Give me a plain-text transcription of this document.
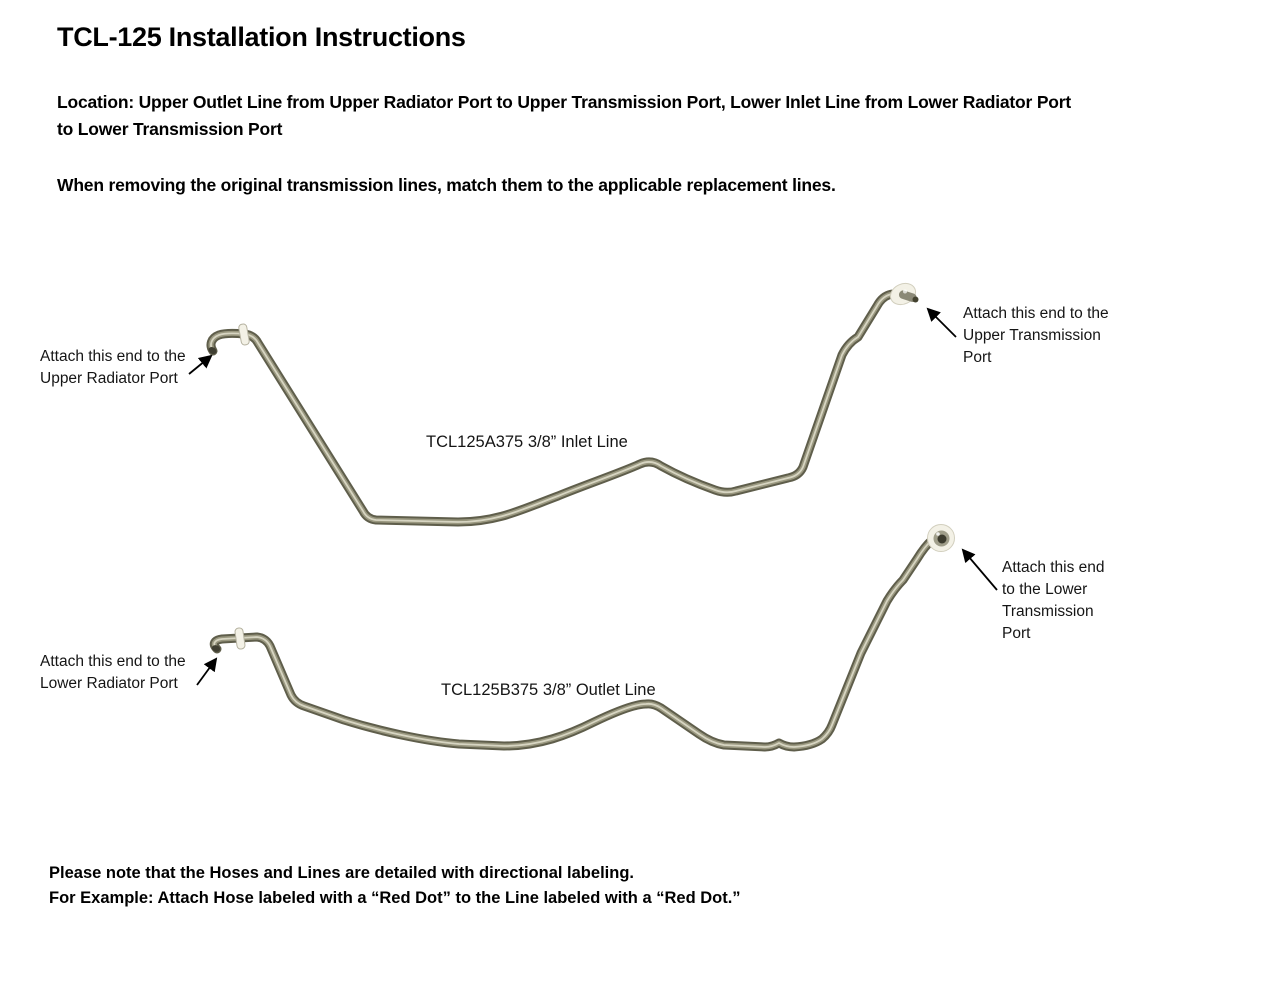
TCL-125 Installation Instructions
Location: Upper Outlet Line from Upper Radiator Port to Upper Transmission Port, Lower Inlet Line from Lower Radiator Port
to Lower Transmission Port
When removing the original transmission lines, match them to the applicable replacement lines.
Attach this end to the
Upper Radiator Port
Attach this end to the
Upper Transmission
Port
TCL125A375 3/8” Inlet Line
Attach this end to the
Lower Radiator Port	TCL125B375 3/8” Outlet Line
Attach this end
to the Lower
Transmission
Port
Please note that the Hoses and Lines are detailed with directional labeling.
For Example: Attach Hose labeled with a “Red Dot” to the Line labeled with a “Red Dot.”
